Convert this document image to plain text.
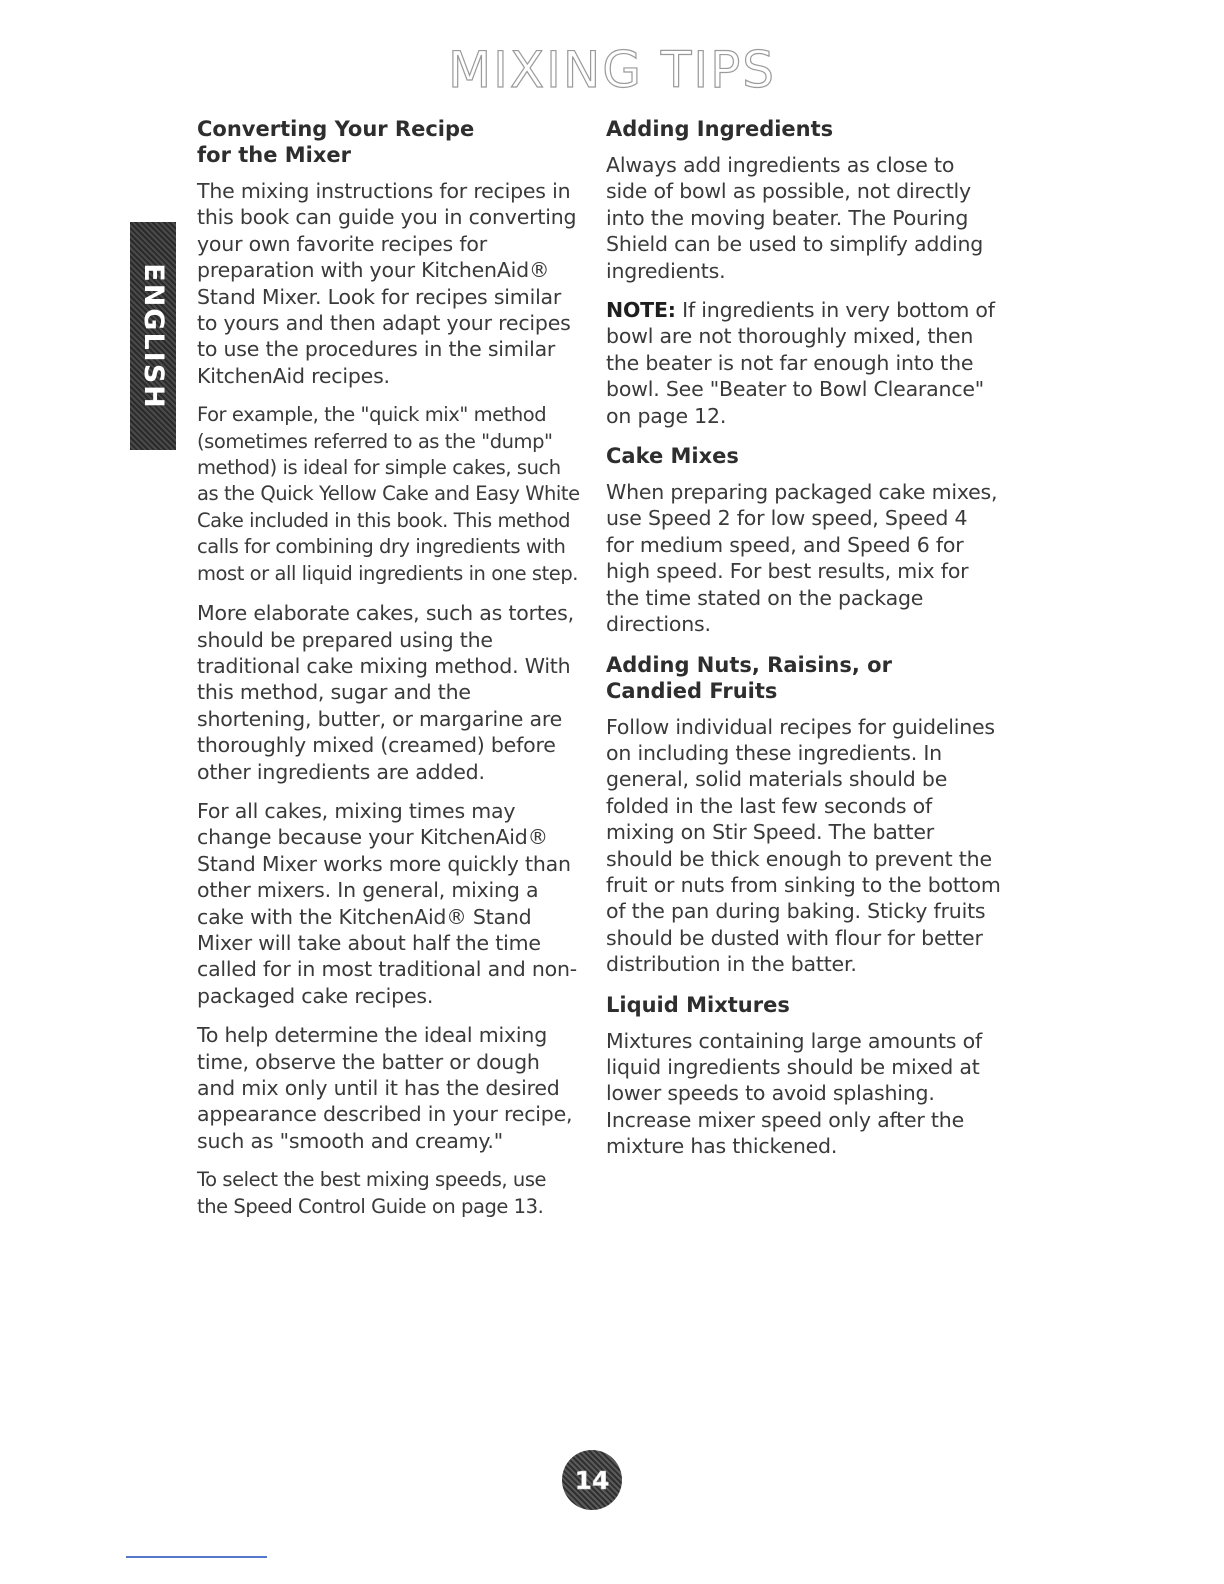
MIXING TIPS
ENGLISH
Converting Your Recipe
for the Mixer

The mixing instructions for recipes in this book can guide you in converting your own favorite recipes for preparation with your KitchenAid® Stand Mixer. Look for recipes similar to yours and then adapt your recipes to use the procedures in the similar KitchenAid recipes.

For example, the "quick mix" method (sometimes referred to as the "dump" method) is ideal for simple cakes, such as the Quick Yellow Cake and Easy White Cake included in this book. This method calls for combining dry ingredients with most or all liquid ingredients in one step.

More elaborate cakes, such as tortes, should be prepared using the traditional cake mixing method. With this method, sugar and the shortening, butter, or margarine are thoroughly mixed (creamed) before other ingredients are added.

For all cakes, mixing times may change because your KitchenAid® Stand Mixer works more quickly than other mixers. In general, mixing a cake with the KitchenAid® Stand Mixer will take about half the time called for in most traditional and non-packaged cake recipes.

To help determine the ideal mixing time, observe the batter or dough and mix only until it has the desired appearance described in your recipe, such as "smooth and creamy."

To select the best mixing speeds, use the Speed Control Guide on page 13.

Adding Ingredients

Always add ingredients as close to side of bowl as possible, not directly into the moving beater. The Pouring Shield can be used to simplify adding ingredients.

NOTE: If ingredients in very bottom of bowl are not thoroughly mixed, then the beater is not far enough into the bowl. See "Beater to Bowl Clearance" on page 12.

Cake Mixes

When preparing packaged cake mixes, use Speed 2 for low speed, Speed 4 for medium speed, and Speed 6 for high speed. For best results, mix for the time stated on the package directions.

Adding Nuts, Raisins, or
Candied Fruits

Follow individual recipes for guidelines on including these ingredients. In general, solid materials should be folded in the last few seconds of mixing on Stir Speed. The batter should be thick enough to prevent the fruit or nuts from sinking to the bottom of the pan during baking. Sticky fruits should be dusted with flour for better distribution in the batter.

Liquid Mixtures

Mixtures containing large amounts of liquid ingredients should be mixed at lower speeds to avoid splashing. Increase mixer speed only after the mixture has thickened.

14
